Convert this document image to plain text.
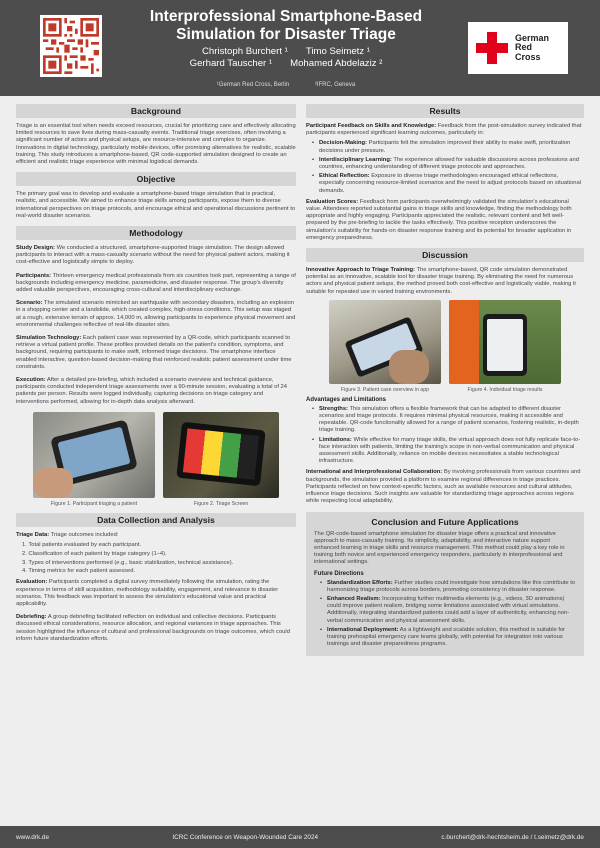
Interprofessional Smartphone-Based
Simulation for Disaster Triage
Christoph Burchert ¹ Timo Seimetz ¹
Gerhard Tauscher ¹ Mohamed Abdelaziz ²
¹German Red Cross, Berlin	²IFRC, Geneva
German
Red
Cross
Background

Triage is an essential tool when needs exceed resources, crucial for prioritizing care and effectively allocating limited resources to save lives during mass-casualty events. Traditional triage exercises, often involving a significant number of actors and physical setups, are resource-intensive and complex to organize. Innovations in digital technology, particularly mobile devices, offer promising alternatives for realistic, scalable training. This study introduces a smartphone-based, QR code-supported simulation designed to create an efficient and realistic triage experience with minimal logistical demands.

Objective

The primary goal was to develop and evaluate a smartphone-based triage simulation that is practical, realistic, and accessible. We aimed to enhance triage skills among participants, expose them to diverse international perspectives on triage protocols, and encourage ethical and operational discussions pertinent to real-world disaster scenarios.

Methodology

Study Design: We conducted a structured, smartphone-supported triage simulation. The design allowed participants to interact with a mass-casualty scenario without the need for physical patient actors, making it cost-effective and logistically simple to deploy.

Participants: Thirteen emergency medical professionals from six countries took part, representing a range of backgrounds including emergency medicine, paramedicine, and disaster response. The group's diversity added valuable perspectives, encouraging cross-cultural and interdisciplinary exchange.

Scenario: The simulated scenario mimicked an earthquake with secondary disasters, including an explosion in a shopping center and a landslide, which created complex, high-stress conditions. This setup was staged at a rough, extensive terrain of approx. 14,000 m, allowing participants to experience physical movement and environmental challenges reflective of real-life disaster sites.

Simulation Technology: Each patient case was represented by a QR-code, which participants scanned to retrieve a virtual patient profile. These profiles provided details on the patient's condition, symptoms, and background, requiring participants to make swift, informed triage decisions. The smartphone interface enabled interactive, question-based decision-making that reinforced realistic patient assessment under time constraints.

Execution: After a detailed pre-briefing, which included a scenario overview and technical guidance, participants conducted independent triage assessments over a 90-minute session, evaluating a total of 24 patients per person. Results were logged individually, capturing decisions on triage category and interventions performed, allowing for in-depth data analysis afterward.

Figure 1. Participant triaging a patient	Figure 2. Triage Screen
Data Collection and Analysis

Triage Data: Triage outcomes included:

1. Total patients evaluated by each participant.
2. Classification of each patient by triage category (1–4).
3. Types of interventions performed (e.g., basic stabilization, technical assistance).
4. Timing metrics for each patient assessed.

Evaluation: Participants completed a digital survey immediately following the simulation, rating the experience in terms of skill acquisition, methodology suitability, engagement, and relevance to disaster scenarios. This feedback was important to assess the simulation's educational value and practical applicability.

Debriefing: A group debriefing facilitated reflection on individual and collective decisions. Participants discussed ethical considerations, resource allocation, and regional variances in triage approaches. This session highlighted the influence of cultural and professional backgrounds on triage outcomes, which could inform future standardization efforts.

Results

Participant Feedback on Skills and Knowledge: Feedback from the post-simulation survey indicated that participants experienced significant learning outcomes, particularly in:

• Decision-Making: Participants felt the simulation improved their ability to make swift, prioritization decisions under pressure.
• Interdisciplinary Learning: The experience allowed for valuable discussions across professions and countries, enhancing understanding of different triage protocols and approaches.
• Ethical Reflection: Exposure to diverse triage methodologies encouraged ethical reflections, especially concerning resource-limited scenarios and the need to adjust protocols based on situational demands.

Evaluation Scores: Feedback from participants overwhelmingly validated the simulation's educational value. Attendees reported substantial gains in triage skills and knowledge, finding the methodology both appropriate and highly engaging. Participants appreciated the realistic, relevant content and felt well-prepared by the pre-briefing to tackle the tasks effectively. This positive reception underscores the simulation's suitability for hands-on disaster response training and its potential for broader application in emergency preparedness.

Discussion

Innovative Approach to Triage Training: The smartphone-based, QR code simulation demonstrated potential as an innovative, scalable tool for disaster triage training. By eliminating the need for numerous actors and physical patient setups, the method proved both cost-effective and logistically viable, making it suitable for repeated use in varied training environments.

Figure 3. Patient case overview in app	Figure 4. Individual triage results
Advantages and Limitations
• Strengths: This simulation offers a flexible framework that can be adapted to different disaster scenarios and triage protocols. It requires minimal physical resources, making it accessible and repeatable. QR-code functionality allowed for a range of patient scenarios, fostering realistic, in-depth triage training.
• Limitations: While effective for many triage skills, the virtual approach does not fully replicate face-to-face interaction with patients, limiting the training's scope in non-verbal communication and physical assessment skills. Additionally, reliance on mobile devices necessitates a stable technological infrastructure.

International and Interprofessional Collaboration: By involving professionals from various countries and backgrounds, the simulation provided a platform to examine regional differences in triage practices. Participants reflected on how context-specific factors, such as available resources and cultural attitudes, influence triage decisions. Such insights are valuable for standardizing triage approaches across regions while respecting local adaptability.

Conclusion and Future Applications

The QR-code-based smartphone simulation for disaster triage offers a practical and innovative approach to mass-casualty training. Its simplicity, adaptability, and interactive nature support enhanced learning in triage skills and resource management. This method could play a key role in training both novice and experienced emergency responders, particularly in interprofessional and international settings.

Future Directions
• Standardization Efforts: Further studies could investigate how simulations like this contribute to harmonizing triage protocols across borders, promoting consistency in disaster response.
• Enhanced Realism: Incorporating further multimedia elements (e.g., videos, 3D animations) could improve patient realism, bridging some limitations associated with virtual simulations. Additionally, integrating standardized patients could add a layer of authenticity, enhancing non-verbal communication and physical assessment skills.
• International Deployment: As a lightweight and scalable solution, this method is suitable for training prehospital emergency care teams globally, with potential for integration into various trainings and disaster preparedness programs.
www.drk.de	ICRC Conference on Weapon-Wounded Care 2024	c.burchert@drk-hechtsheim.de / t.seimetz@drk.de
